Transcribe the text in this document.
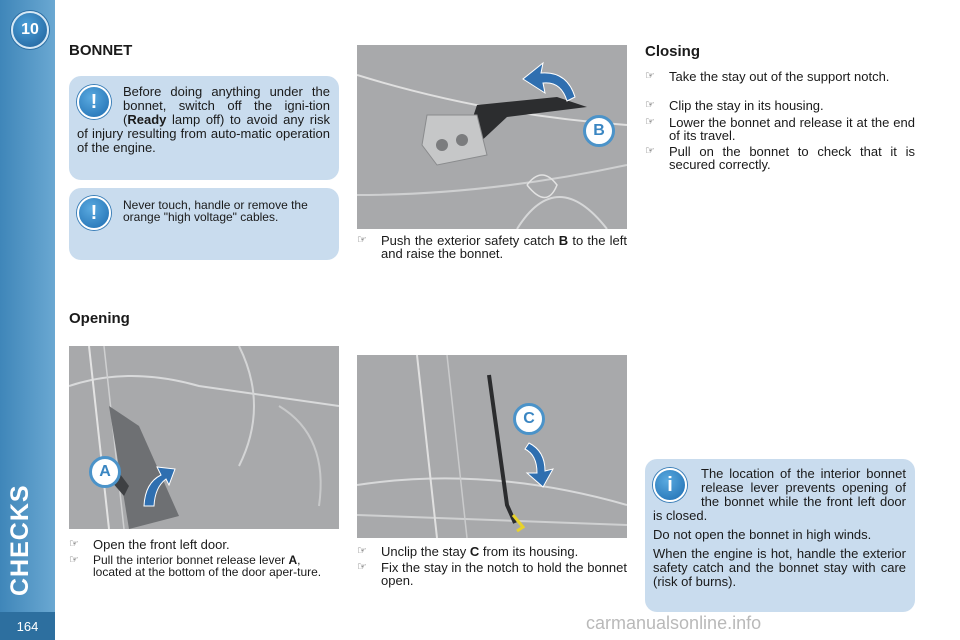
10
CHECKS
164
BONNET
!	Before doing anything under the bonnet, switch off the igni-tion (Ready lamp off) to avoid any risk of injury resulting from auto-matic operation of the engine.
!	Never touch, handle or remove the orange "high voltage" cables.
Opening
A
☞ Open the front left door.
☞ Pull the interior bonnet release lever A, located at the bottom of the door aper-ture.
B
☞ Push the exterior safety catch B to the left and raise the bonnet.
C
☞ Unclip the stay C from its housing.
☞ Fix the stay in the notch to hold the bonnet open.
Closing
☞ Take the stay out of the support notch.
☞ Clip the stay in its housing.
☞ Lower the bonnet and release it at the end of its travel.
☞ Pull on the bonnet to check that it is secured correctly.
i
The location of the interior bonnet release lever prevents opening of the bonnet while the front left door is closed.
Do not open the bonnet in high winds.
When the engine is hot, handle the exterior safety catch and the bonnet stay with care (risk of burns).
carmanualsonline.info
